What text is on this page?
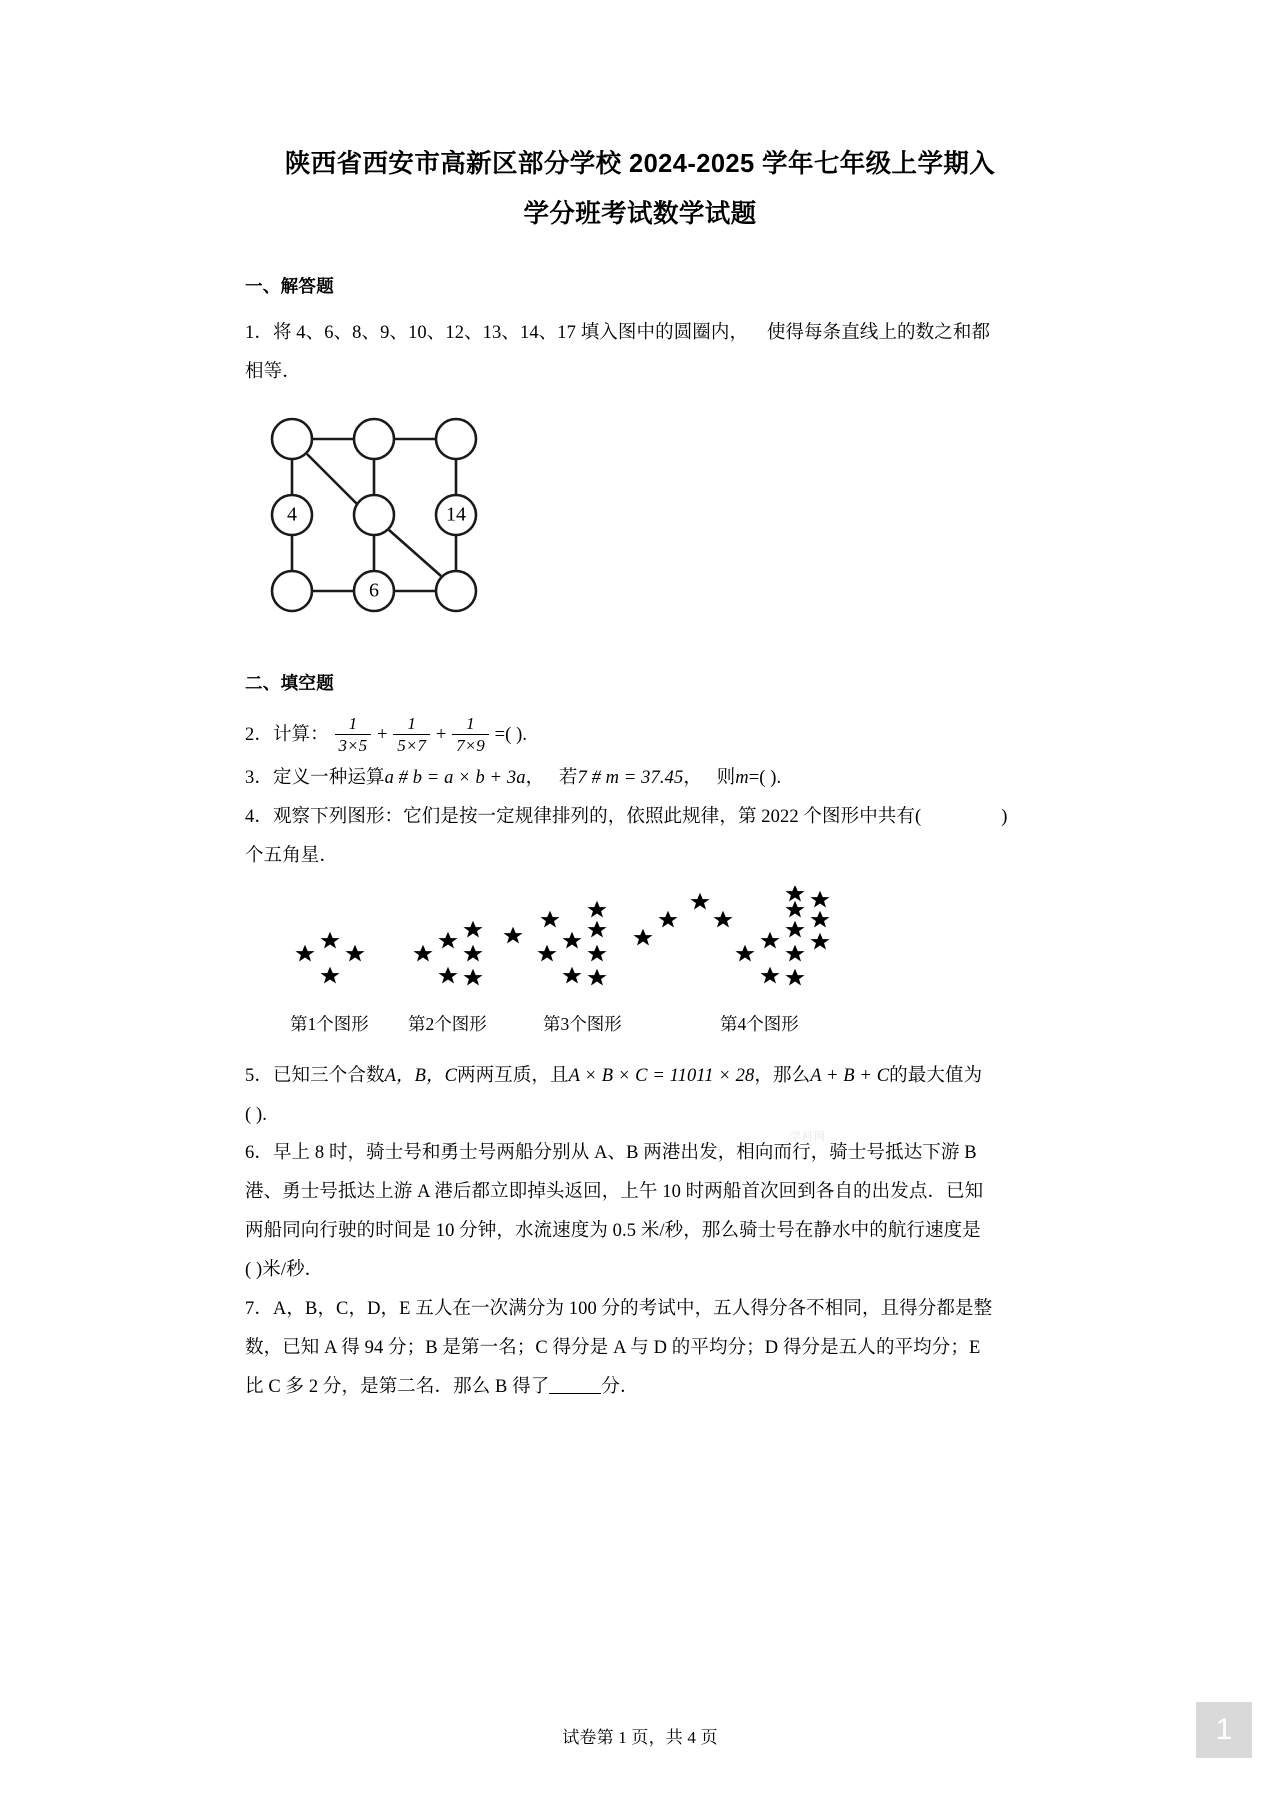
陕西省西安市高新区部分学校 2024-2025 学年七年级上学期入
学分班考试数学试题
一、解答题

1．将 4、6、8、9、10、12、13、14、17 填入图中的圆圈内， 使得每条直线上的数之和都
相等．

4	14
6
二、填空题

2．计算： $\frac{1}{3\times 5} + \frac{1}{5\times 7} + \frac{1}{7\times 9}$ =( ).

3．定义一种运算a # b = a × b + 3a， 若7 # m = 37.45， 则m=( ).

4．观察下列图形：它们是按一定规律排列的，依照此规律，第 2022 个图形中共有(	)
个五角星．

第1个图形 第2个图形	第3个图形	第4个图形

5．已知三个合数A，B，C两两互质，且A × B × C = 11011 × 28，那么A + B + C的最大值为
( ).

6．早上 8 时，骑士号和勇士号两船分别从 A、B 两港出发，相向而行，骑士号抵达下游 B
港、勇士号抵达上游 A 港后都立即掉头返回，上午 10 时两船首次回到各自的出发点．已知
两船同向行驶的时间是 10 分钟，水流速度为 0.5 米/秒，那么骑士号在静水中的航行速度是
( )米/秒．

7．A，B，C，D，E 五人在一次满分为 100 分的考试中，五人得分各不相同，且得分都是整
数，已知 A 得 94 分；B 是第一名；C 得分是 A 与 D 的平均分；D 得分是五人的平均分；E
比 C 多 2 分，是第二名．那么 B 得了	分．

学科网
试卷第 1 页，共 4 页	1
